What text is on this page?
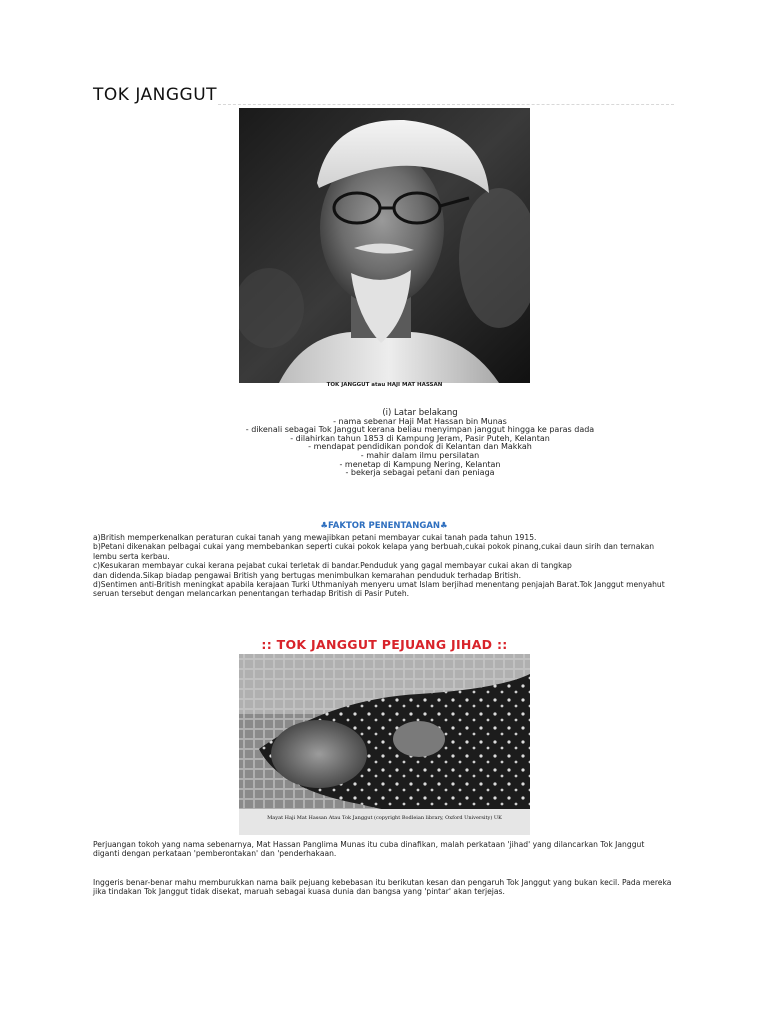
TOK JANGGUT
TOK JANGGUT atau HAJI MAT HASSAN
(i) Latar belakang
- nama sebenar Haji Mat Hassan bin Munas
- dikenali sebagai Tok Janggut kerana beliau menyimpan janggut hingga ke paras dada
- dilahirkan tahun 1853 di Kampung Jeram, Pasir Puteh, Kelantan
- mendapat pendidikan pondok di Kelantan dan Makkah
- mahir dalam ilmu persilatan
- menetap di Kampung Nering, Kelantan
- bekerja sebagai petani dan peniaga
♣FAKTOR PENENTANGAN♣
a)British memperkenalkan peraturan cukai tanah yang mewajibkan petani membayar cukai tanah pada tahun 1915.
b)Petani dikenakan pelbagai cukai yang membebankan seperti cukai pokok kelapa yang berbuah,cukai pokok pinang,cukai daun sirih dan ternakan lembu serta kerbau.
c)Kesukaran membayar cukai kerana pejabat cukai terletak di bandar.Penduduk yang gagal membayar cukai akan di tangkap
dan didenda.Sikap biadap pengawai British yang bertugas menimbulkan kemarahan penduduk terhadap British.
d)Sentimen anti-British meningkat apabila kerajaan Turki Uthmaniyah menyeru umat Islam berjihad menentang penjajah Barat.Tok Janggut menyahut seruan tersebut dengan melancarkan penentangan terhadap British di Pasir Puteh.
:: TOK JANGGUT PEJUANG JIHAD ::
Mayat Haji Mat Hassan Atau Tok Janggut (copyright Bodleian library, Oxford University) UK
Perjuangan tokoh yang nama sebenarnya, Mat Hassan Panglima Munas itu cuba dinafikan, malah perkataan 'jihad' yang dilancarkan Tok Janggut diganti dengan perkataan 'pemberontakan' dan 'penderhakaan.
Inggeris benar-benar mahu memburukkan nama baik pejuang kebebasan itu berikutan kesan dan pengaruh Tok Janggut yang bukan kecil. Pada mereka jika tindakan Tok Janggut tidak disekat, maruah sebagai kuasa dunia dan bangsa yang 'pintar' akan terjejas.
